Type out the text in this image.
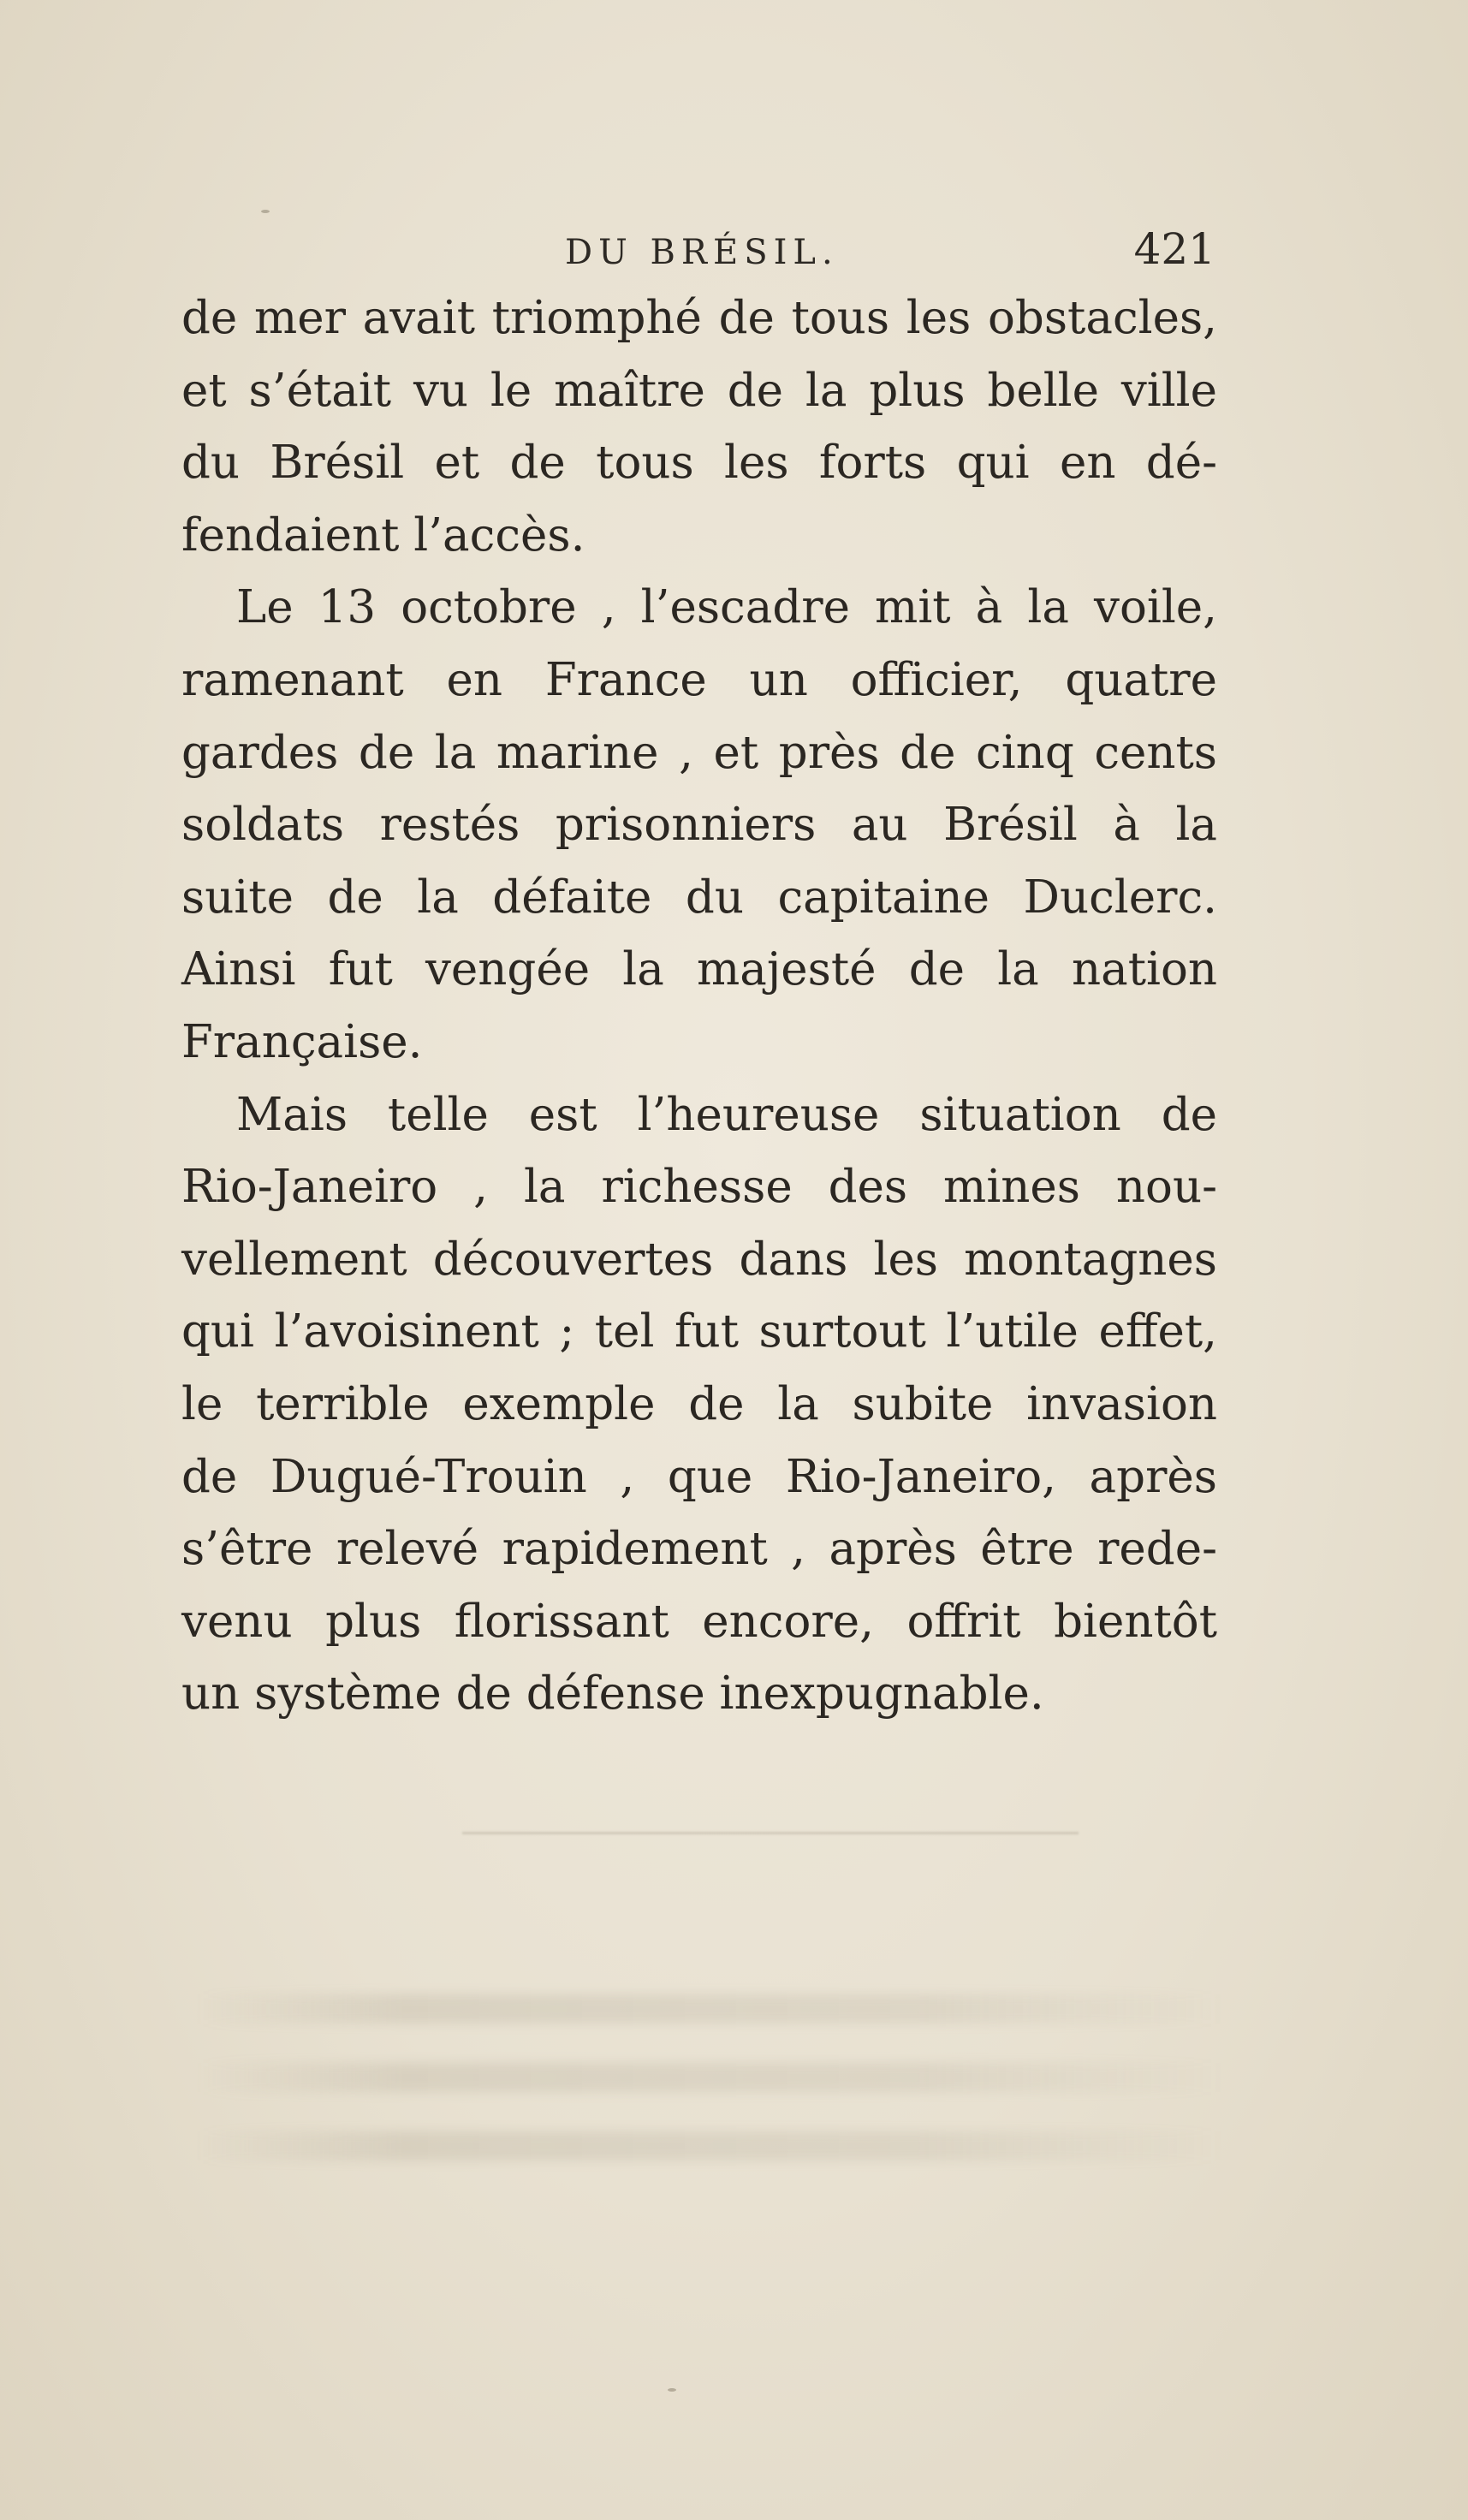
DU BRÉSIL.	421
de mer avait triomphé de tous les obstacles,
et s’était vu le maître de la plus belle ville
du Brésil et de tous les forts qui en dé-
fendaient l’accès.
Le 13 octobre , l’escadre mit à la voile,
ramenant en France un officier, quatre
gardes de la marine , et près de cinq cents
soldats restés prisonniers au Brésil à la
suite de la défaite du capitaine Duclerc.
Ainsi fut vengée la majesté de la nation
Française.
Mais telle est l’heureuse situation de
Rio-Janeiro , la richesse des mines nou-
vellement découvertes dans les montagnes
qui l’avoisinent ; tel fut surtout l’utile effet,
le terrible exemple de la subite invasion
de Dugué-Trouin , que Rio-Janeiro, après
s’être relevé rapidement , après être rede-
venu plus florissant encore, offrit bientôt
un système de défense inexpugnable.
